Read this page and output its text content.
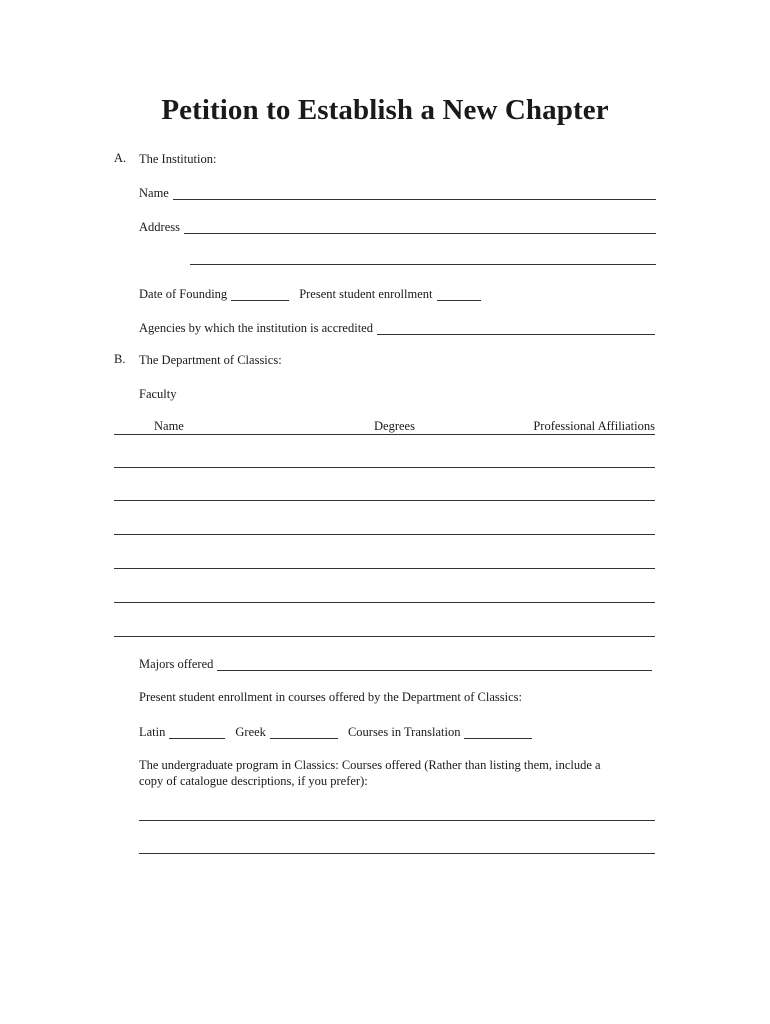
Petition to Establish a New Chapter
A. The Institution:
Name
Address
Date of Founding	Present student enrollment
Agencies by which the institution is accredited
B. The Department of Classics:
Faculty
Name	Degrees	Professional Affiliations
Majors offered
Present student enrollment in courses offered by the Department of Classics:
Latin	Greek	Courses in Translation
The undergraduate program in Classics: Courses offered (Rather than listing them, include a
copy of catalogue descriptions, if you prefer):
